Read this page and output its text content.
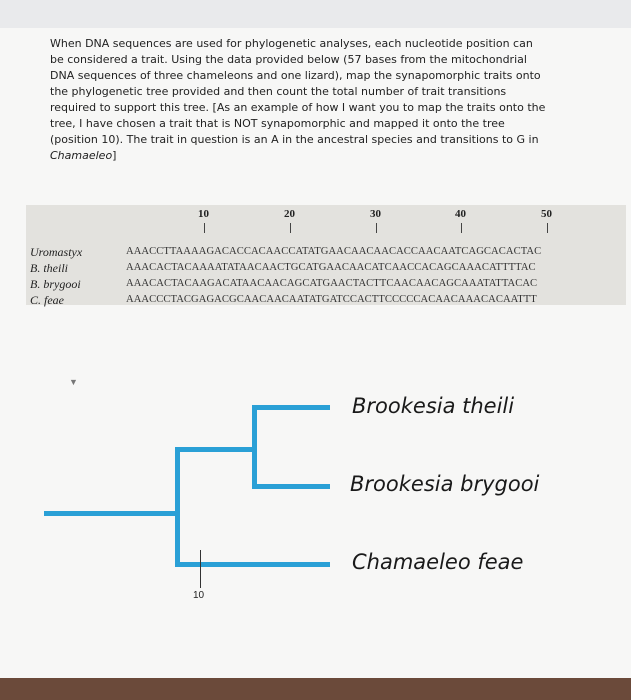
When DNA sequences are used for phylogenetic analyses, each nucleotide position can be considered a trait. Using the data provided below (57 bases from the mitochondrial DNA sequences of three chameleons and one lizard), map the synapomorphic traits onto the phylogenetic tree provided and then count the total number of trait transitions required to support this tree. [As an example of how I want you to map the traits onto the tree, I have chosen a trait that is NOT synapomorphic and mapped it onto the tree (position 10). The trait in question is an A in the ancestral species and transitions to G in Chamaeleo]
10	20	30	40	50
Uromastyx	AAACCTTAAAAGACACCACAACCATATGAACAACAACACCAACAATCAGCACACTAC
B. theili	AAACACTACAAAATATAACAACTGCATGAACAACATCAACCACAGCAAACATTTTAC
B. brygooi	AAACACTACAAGACATAACAACAGCATGAACTACTTCAACAACAGCAAATATTACAC
C. feae	AAACCCTACGAGACGCAACAACAATATGATCCACTTCCCCCACAACAAACACAATTT
▼
10
Brookesia theili
Brookesia brygooi
Chamaeleo feae
